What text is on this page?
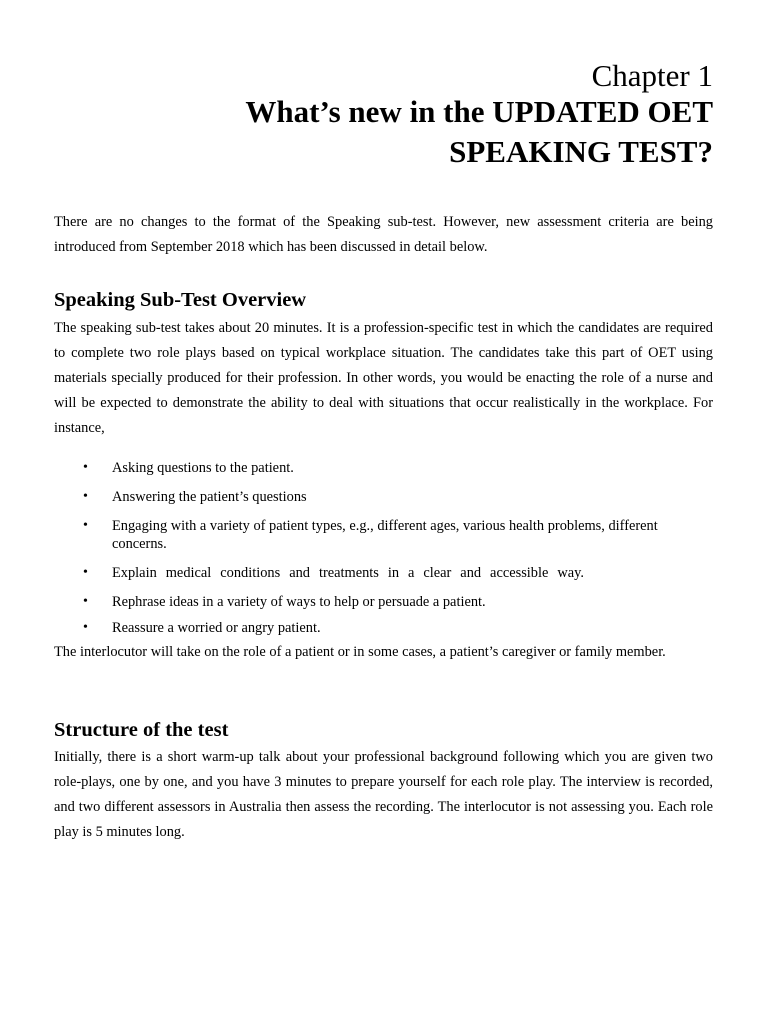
Chapter 1
What’s new in the UPDATED OET SPEAKING TEST?

There are no changes to the format of the Speaking sub-test. However, new assessment criteria are being introduced from September 2018 which has been discussed in detail below.

Speaking Sub-Test Overview

The speaking sub-test takes about 20 minutes. It is a profession-specific test in which the candidates are required to complete two role plays based on typical workplace situation. The candidates take this part of OET using materials specially produced for their profession. In other words, you would be enacting the role of a nurse and will be expected to demonstrate the ability to deal with situations that occur realistically in the workplace. For instance,

• Asking questions to the patient.
• Answering the patient’s questions
• Engaging with a variety of patient types, e.g., different ages, various health problems, different concerns.
• Explain medical conditions and treatments in a clear and accessible way.
• Rephrase ideas in a variety of ways to help or persuade a patient.
• Reassure a worried or angry patient.

The interlocutor will take on the role of a patient or in some cases, a patient’s caregiver or family member.

Structure of the test

Initially, there is a short warm-up talk about your professional background following which you are given two role-plays, one by one, and you have 3 minutes to prepare yourself for each role play. The interview is recorded, and two different assessors in Australia then assess the recording. The interlocutor is not assessing you. Each role play is 5 minutes long.
